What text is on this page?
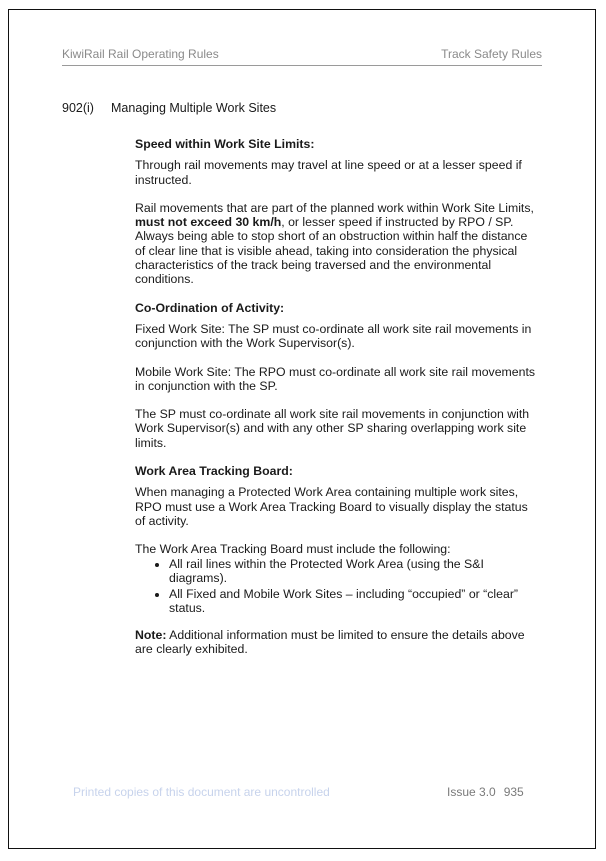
KiwiRail Rail Operating Rules	Track Safety Rules
902(i) Managing Multiple Work Sites
Speed within Work Site Limits:

Through rail movements may travel at line speed or at a lesser speed if instructed.

Rail movements that are part of the planned work within Work Site Limits, must not exceed 30 km/h, or lesser speed if instructed by RPO / SP.

Always being able to stop short of an obstruction within half the distance of clear line that is visible ahead, taking into consideration the physical characteristics of the track being traversed and the environmental conditions.

Co-Ordination of Activity:

Fixed Work Site: The SP must co-ordinate all work site rail movements in conjunction with the Work Supervisor(s).

Mobile Work Site: The RPO must co-ordinate all work site rail movements in conjunction with the SP.

The SP must co-ordinate all work site rail movements in conjunction with Work Supervisor(s) and with any other SP sharing overlapping work site limits.

Work Area Tracking Board:

When managing a Protected Work Area containing multiple work sites, RPO must use a Work Area Tracking Board to visually display the status of activity.

The Work Area Tracking Board must include the following:

• All rail lines within the Protected Work Area (using the S&I diagrams).
• All Fixed and Mobile Work Sites – including “occupied” or “clear” status.

Note: Additional information must be limited to ensure the details above are clearly exhibited.

Printed copies of this document are uncontrolled	Issue 3.0 935
